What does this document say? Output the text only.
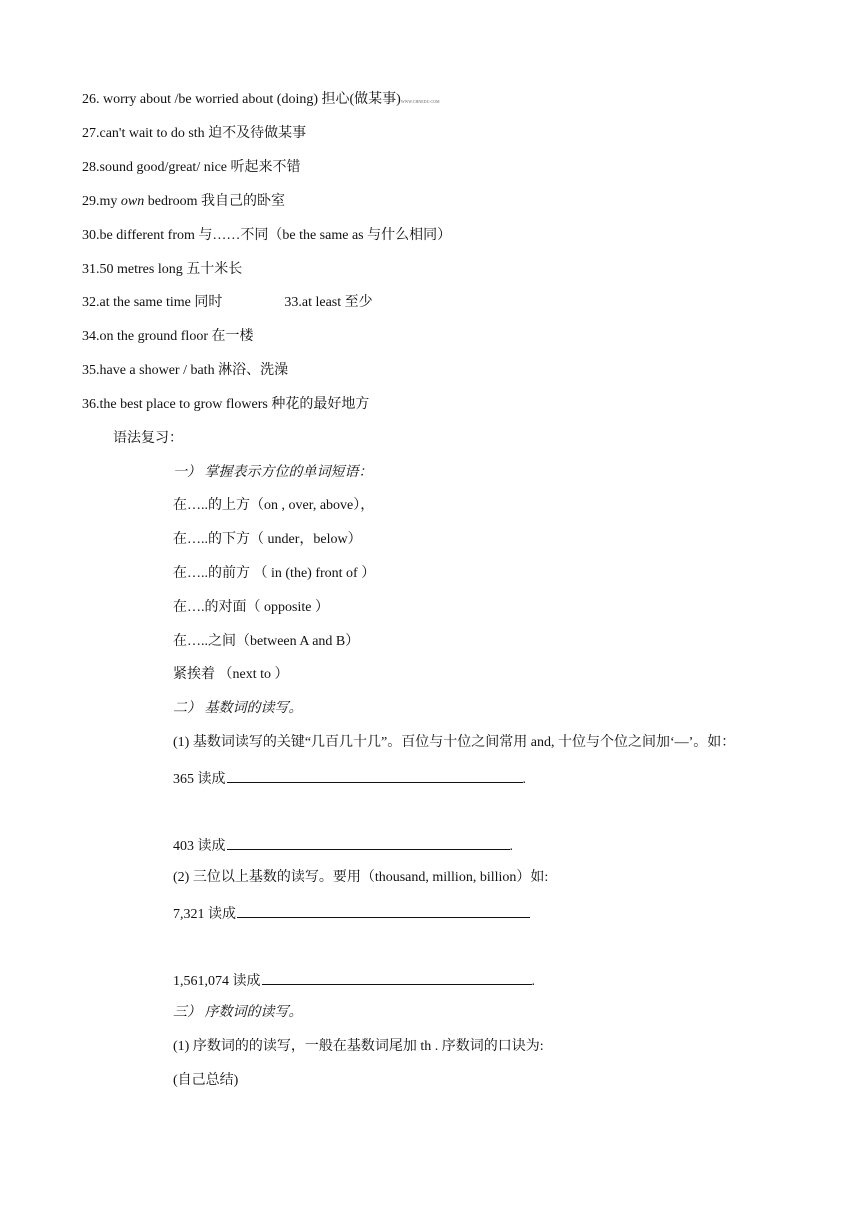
26. worry about /be worried about (doing) 担心(做某事)WWW.CHNEDU.COM
27.can't wait to do sth 迫不及待做某事
28.sound good/great/ nice 听起来不错
29.my own bedroom 我自己的卧室
30.be different from 与……不同（be the same as 与什么相同）
31.50 metres long 五十米长
32.at the same time 同时	33.at least 至少
34.on the ground floor 在一楼
35.have a shower / bath 淋浴、洗澡
36.the best place to grow flowers 种花的最好地方
语法复习：
一） 掌握表示方位的单词短语：
在…..的上方（on , over, above），
在…..的下方（ under，below）
在…..的前方 （ in (the) front of ）
在….的对面（ opposite ）
在…..之间（between A and B）
紧挨着 （next to ）
二） 基数词的读写。
(1) 基数词读写的关键“几百几十几”。百位与十位之间常用 and, 十位与个位之间加‘—’。如：
365 读成	.
403 读成	.
(2) 三位以上基数的读写。要用（thousand, million, billion）如:
7,321 读成
1,561,074 读成	.
三） 序数词的读写。
(1) 序数词的的读写，一般在基数词尾加 th . 序数词的口诀为:
(自己总结)
